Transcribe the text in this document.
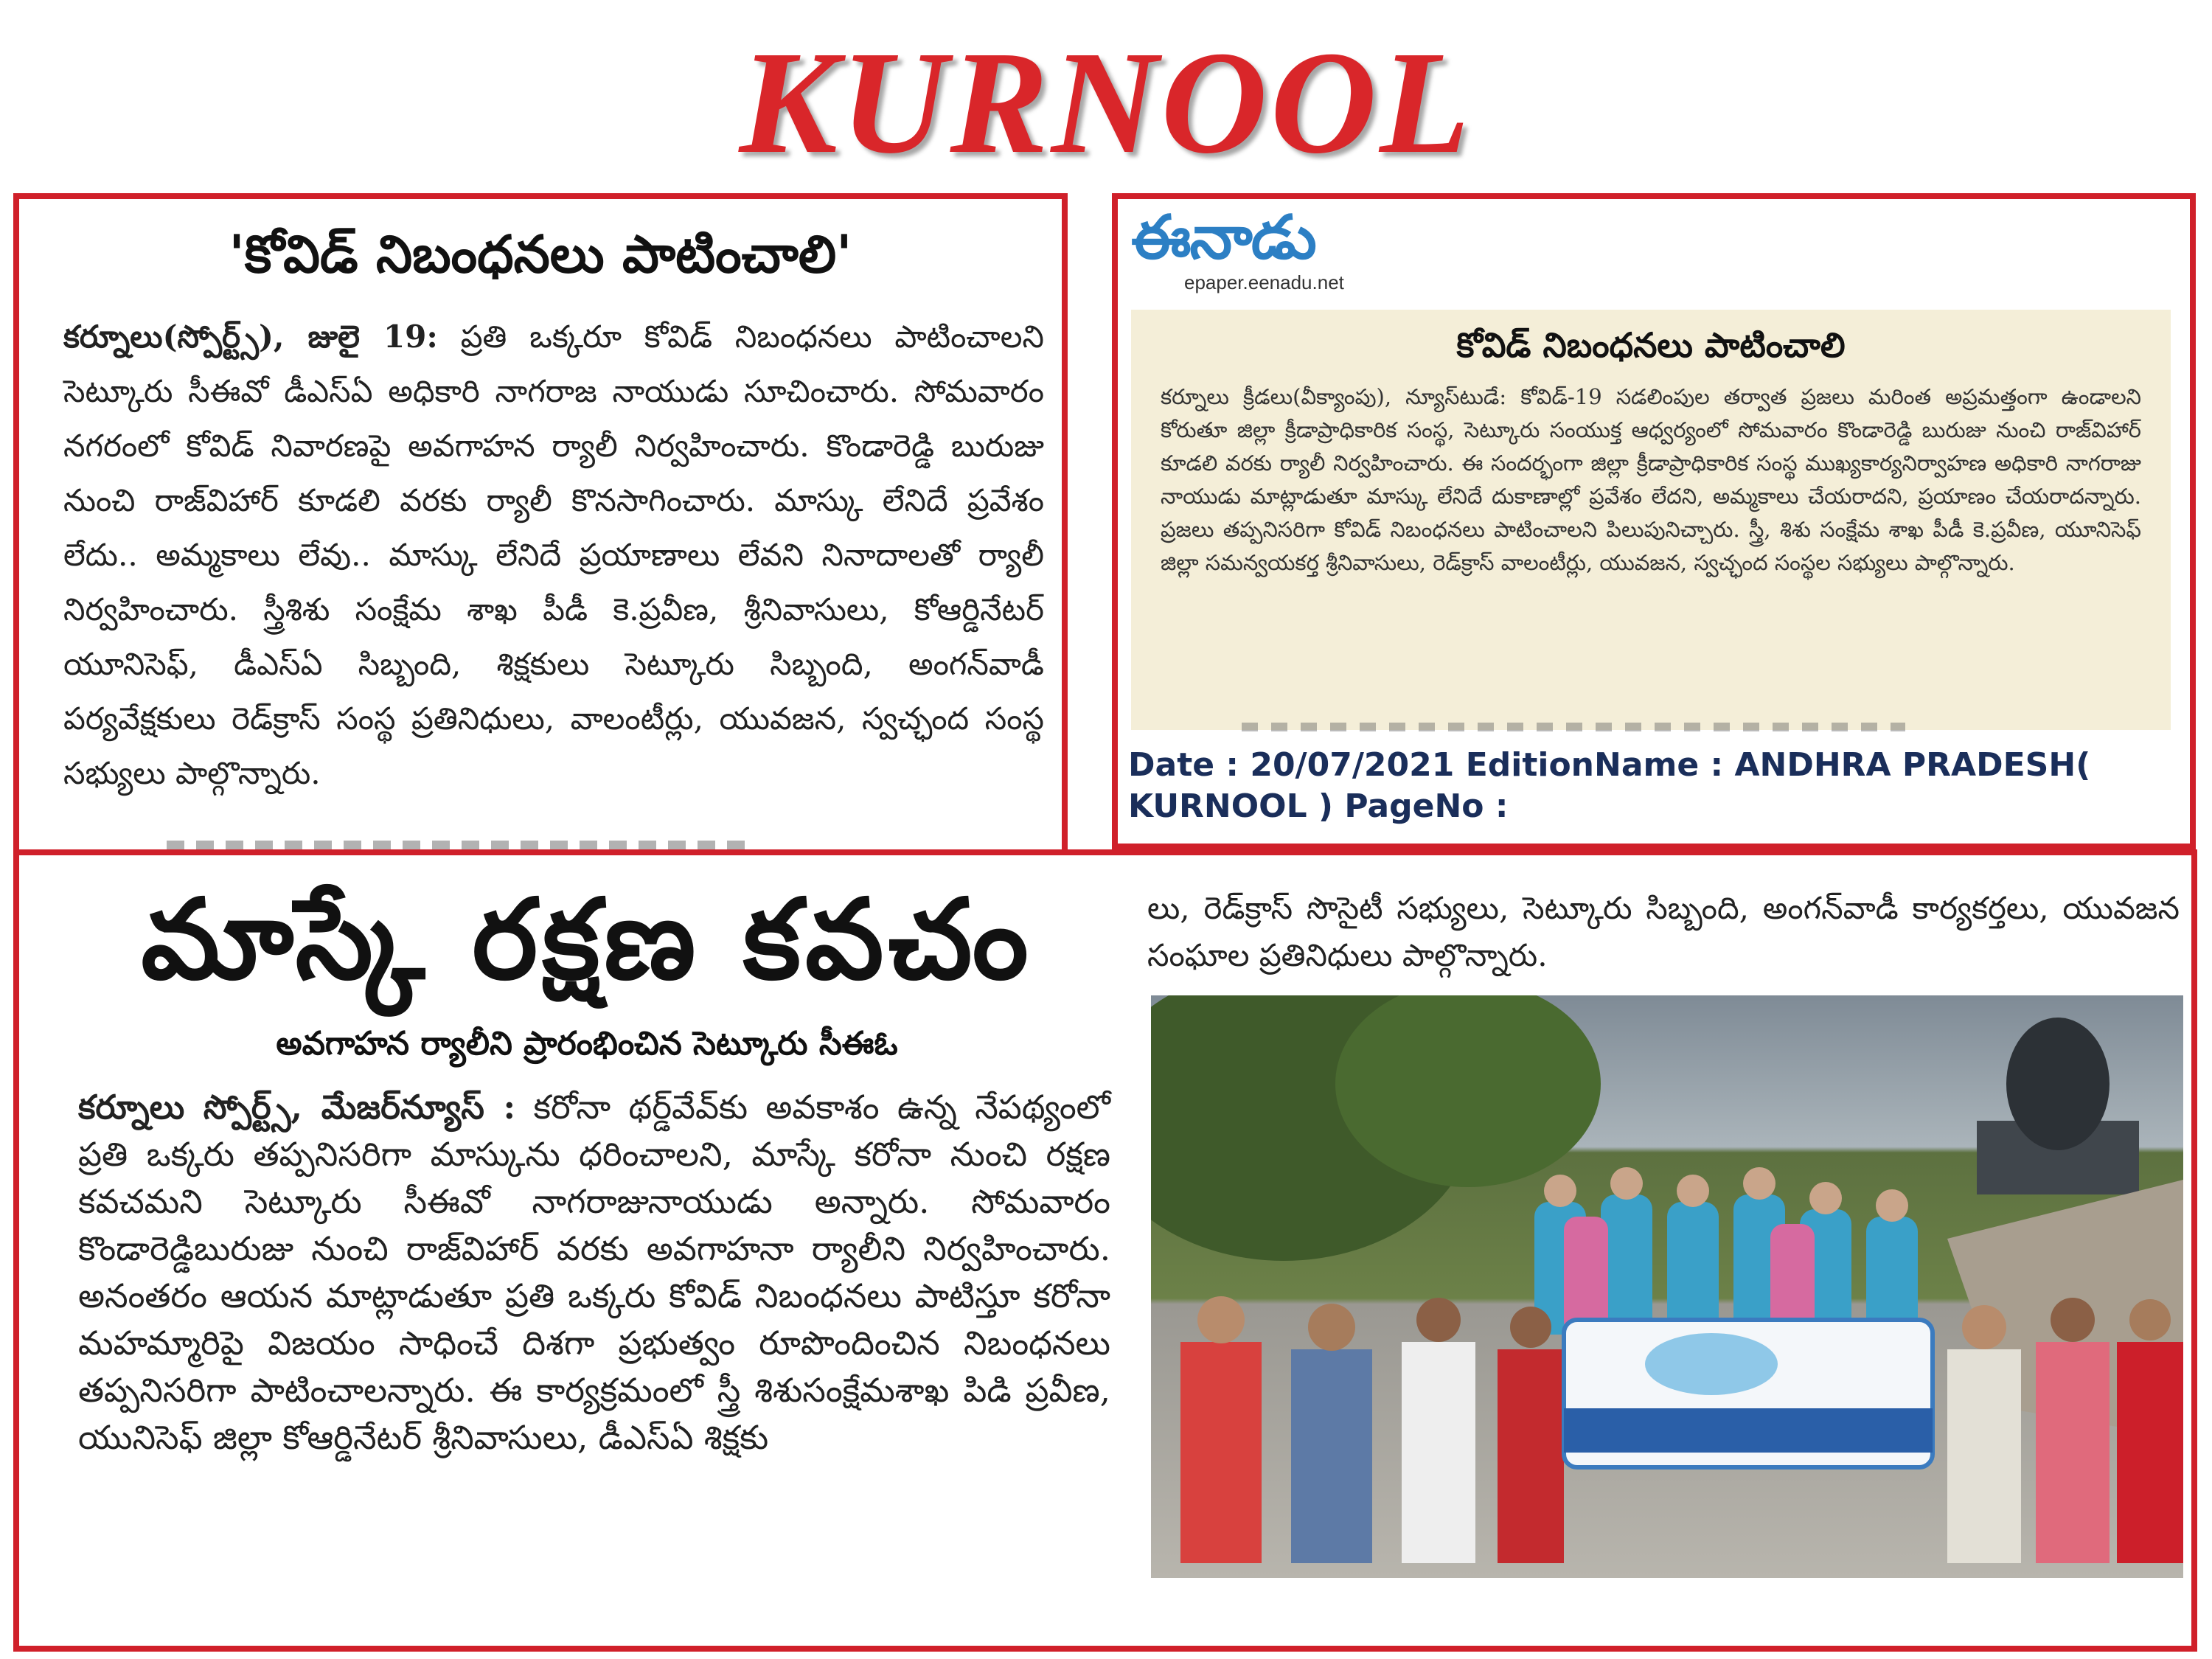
KURNOOL
'కోవిడ్ నిబంధనలు పాటించాలి'

కర్నూలు(స్పోర్ట్స్), జులై 19: ప్రతి ఒక్కరూ కోవిడ్ నిబంధనలు పాటించాలని సెట్కూరు సీఈవో డీఎస్ఏ అధికారి నాగరాజ నాయుడు సూచించారు. సోమవారం నగరంలో కోవిడ్ నివారణపై అవగాహన ర్యాలీ నిర్వహించారు. కొండారెడ్డి బురుజు నుంచి రాజ్‌విహార్ కూడలి వరకు ర్యాలీ కొనసాగించారు. మాస్కు లేనిదే ప్రవేశం లేదు.. అమ్మకాలు లేవు.. మాస్కు లేనిదే ప్రయాణాలు లేవని నినాదాలతో ర్యాలీ నిర్వహించారు. స్త్రీశిశు సంక్షేమ శాఖ పీడీ కె.ప్రవీణ, శ్రీనివాసులు, కోఆర్డినేటర్ యూనిసెఫ్, డీఎస్ఏ సిబ్బంది, శిక్షకులు సెట్కూరు సిబ్బంది, అంగన్‌వాడీ పర్యవేక్షకులు రెడ్‌క్రాస్ సంస్థ ప్రతినిధులు, వాలంటీర్లు, యువజన, స్వచ్ఛంద సంస్థ సభ్యులు పాల్గొన్నారు.

ఈనాడు
epaper.eenadu.net
కోవిడ్ నిబంధనలు పాటించాలి

కర్నూలు క్రీడలు(వీక్యాంపు), న్యూస్‌టుడే: కోవిడ్-19 సడలింపుల తర్వాత ప్రజలు మరింత అప్రమత్తంగా ఉండాలని కోరుతూ జిల్లా క్రీడాప్రాధికారిక సంస్థ, సెట్కూరు సంయుక్త ఆధ్వర్యంలో సోమవారం కొండారెడ్డి బురుజు నుంచి రాజ్‌విహార్ కూడలి వరకు ర్యాలీ నిర్వహించారు. ఈ సందర్భంగా జిల్లా క్రీడాప్రాధికారిక సంస్థ ముఖ్యకార్యనిర్వాహణ అధికారి నాగరాజు నాయుడు మాట్లాడుతూ మాస్కు లేనిదే దుకాణాల్లో ప్రవేశం లేదని, అమ్మకాలు చేయరాదని, ప్రయాణం చేయరాదన్నారు. ప్రజలు తప్పనిసరిగా కోవిడ్ నిబంధనలు పాటించాలని పిలుపునిచ్చారు. స్త్రీ, శిశు సంక్షేమ శాఖ పీడీ కె.ప్రవీణ, యూనిసెఫ్ జిల్లా సమన్వయకర్త శ్రీనివాసులు, రెడ్‌క్రాస్ వాలంటీర్లు, యువజన, స్వచ్ఛంద సంస్థల సభ్యులు పాల్గొన్నారు.

Date : 20/07/2021 EditionName : ANDHRA PRADESH( KURNOOL ) PageNo :

మాస్కే రక్షణ కవచం
అవగాహన ర్యాలీని ప్రారంభించిన సెట్కూరు సీఈఓ

కర్నూలు స్పోర్ట్స్, మేజర్‌న్యూస్ : కరోనా థర్డ్‌వేవ్‌కు అవకాశం ఉన్న నేపథ్యంలో ప్రతి ఒక్కరు తప్పనిసరిగా మాస్కును ధరించాలని, మాస్కే కరోనా నుంచి రక్షణ కవచమని సెట్కూరు సీఈవో నాగరాజునాయుడు అన్నారు. సోమవారం కొండారెడ్డిబురుజు నుంచి రాజ్‌విహార్ వరకు అవగాహనా ర్యాలీని నిర్వహించారు. అనంతరం ఆయన మాట్లాడుతూ ప్రతి ఒక్కరు కోవిడ్ నిబంధనలు పాటిస్తూ కరోనా మహమ్మారిపై విజయం సాధించే దిశగా ప్రభుత్వం రూపొందించిన నిబంధనలు తప్పనిసరిగా పాటించాలన్నారు. ఈ కార్యక్రమంలో స్త్రీ శిశుసంక్షేమశాఖ పిడి ప్రవీణ, యునిసెఫ్ జిల్లా కోఆర్డినేటర్ శ్రీనివాసులు, డీఎస్ఏ శిక్షకు

లు, రెడ్‌క్రాస్ సొసైటీ సభ్యులు, సెట్కూరు సిబ్బంది, అంగన్‌వాడీ కార్యకర్తలు, యువజన సంఘాల ప్రతినిధులు పాల్గొన్నారు.
